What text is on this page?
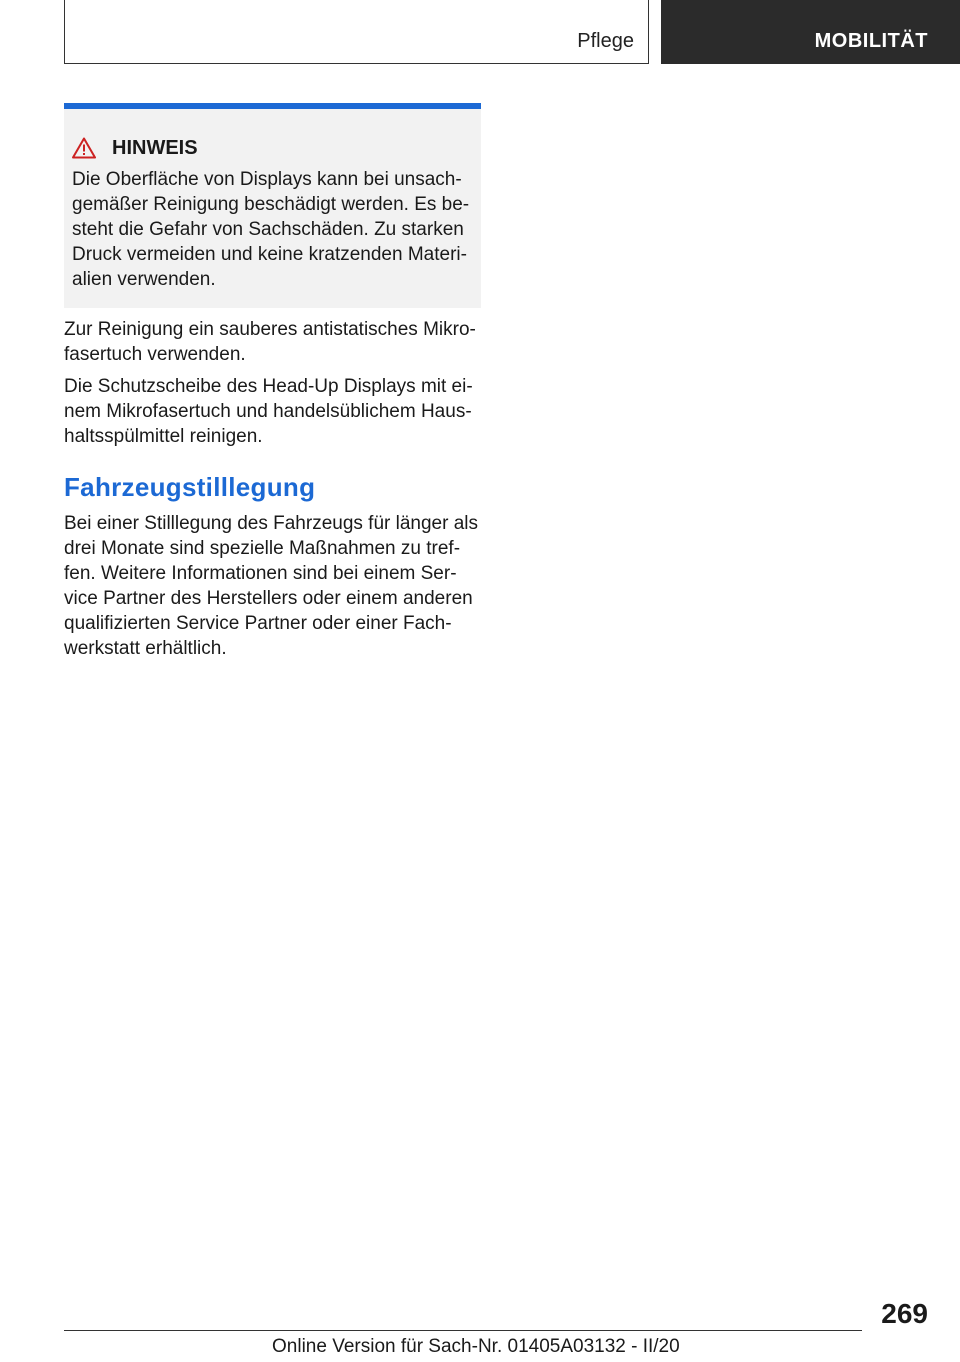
Pflege	MOBILITÄT
HINWEIS

Die Oberfläche von Displays kann bei unsachgemäßer Reinigung beschädigt werden. Es besteht die Gefahr von Sachschäden. Zu starken Druck vermeiden und keine kratzenden Materialien verwenden.

Zur Reinigung ein sauberes antistatisches Mikrofasertuch verwenden.

Die Schutzscheibe des Head-Up Displays mit einem Mikrofasertuch und handelsüblichem Haushaltsspülmittel reinigen.

Fahrzeugstilllegung

Bei einer Stilllegung des Fahrzeugs für länger als drei Monate sind spezielle Maßnahmen zu treffen. Weitere Informationen sind bei einem Service Partner des Herstellers oder einem anderen qualifizierten Service Partner oder einer Fachwerkstatt erhältlich.

269
Online Version für Sach-Nr. 01405A03132 - II/20
